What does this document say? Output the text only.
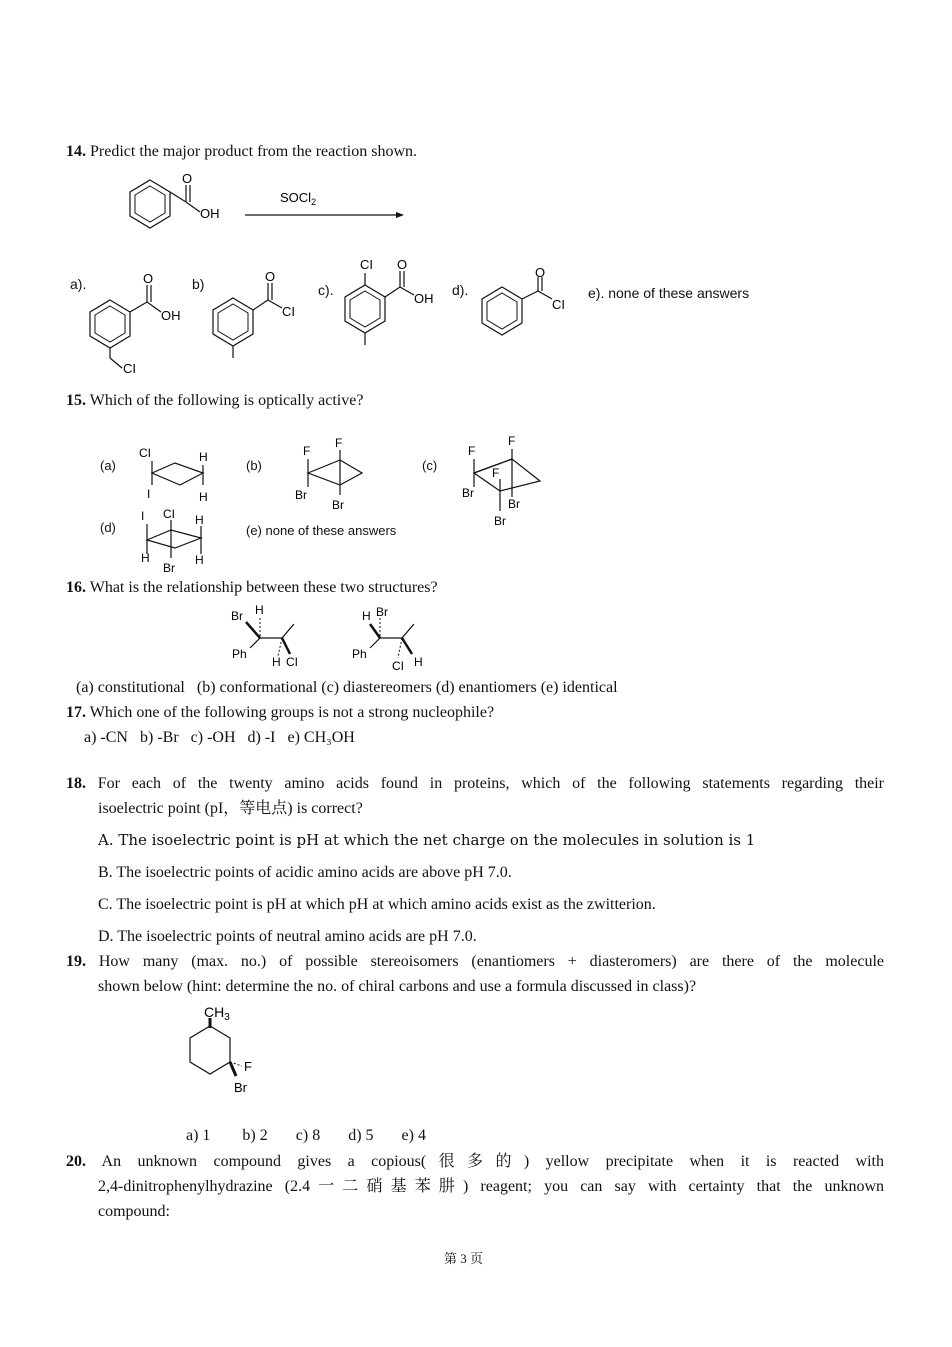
14. Predict the major product from the reaction shown.
O
OH
SOCl$_2$
a).	b)	c).	d).	e). none of these answers
O
OH
CI
O
CI
CI O
OH
O
CI
15. Which of the following is optically active?
(a)	(b)	(c)
(d)	(e) none of these answers
CI	H
H
I
F
F
Br
Br
F
F
F
Br
Br
Br
I CI H
H
Br
H
16. What is the relationship between these two structures?
Br H
Ph
H CI
H Br
Ph
CI H
(a) constitutional   (b) conformational (c) diastereomers (d) enantiomers (e) identical
17. Which one of the following groups is not a strong nucleophile?
a) -CN   b) -Br   c) -OH   d) -I   e) CH₃OH
18. For each of the twenty amino acids found in proteins, which of the following statements regarding their
isoelectric point (pI，等电点) is correct?
A. The isoelectric point is pH at which the net charge on the molecules in solution is 1
B. The isoelectric points of acidic amino acids are above pH 7.0.
C. The isoelectric point is pH at which pH at which amino acids exist as the zwitterion.
D. The isoelectric points of neutral amino acids are pH 7.0.
19. How many (max. no.) of possible stereoisomers (enantiomers + diasteromers) are there of the molecule
shown below (hint: determine the no. of chiral carbons and use a formula discussed in class)?
$CH_3$
F
Br
a) 1        b) 2       c) 8       d) 5       e) 4
20. An unknown compound gives a copious(很多的) yellow precipitate when it is reacted with
2,4-dinitrophenylhydrazine (2.4一二硝基苯肼) reagent; you can say with certainty that the unknown
compound:
第 3 页
